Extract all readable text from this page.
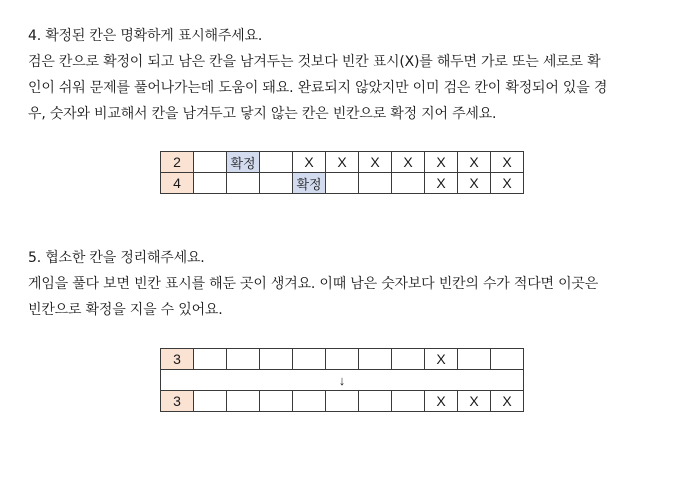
4. 확정된 칸은 명확하게 표시해주세요.

검은 칸으로 확정이 되고 남은 칸을 남겨두는 것보다 빈칸 표시(X)를 해두면 가로 또는 세로로 확

인이 쉬워 문제를 풀어나가는데 도움이 돼요. 완료되지 않았지만 이미 검은 칸이 확정되어 있을 경

우, 숫자와 비교해서 칸을 남겨두고 닿지 않는 칸은 빈칸으로 확정 지어 주세요.

2		확정		X	X	X	X	X	X	X
4				확정				X	X	X

5. 협소한 칸을 정리해주세요.

게임을 풀다 보면 빈칸 표시를 해둔 곳이 생겨요. 이때 남은 숫자보다 빈칸의 수가 적다면 이곳은

빈칸으로 확정을 지을 수 있어요.

3								X		
↓										
3								X	X	X
